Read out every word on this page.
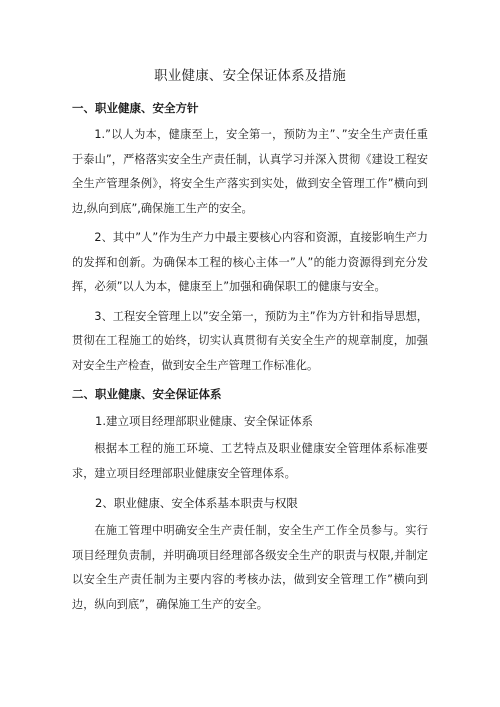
职业健康、安全保证体系及措施
一、职业健康、安全方针

1.”以人为本，健康至上，安全第一，预防为主”、”安全生产责任重于泰山”，严格落实安全生产责任制，认真学习并深入贯彻《建设工程安全生产管理条例》，将安全生产落实到实处，做到安全管理工作”横向到边,纵向到底”,确保施工生产的安全。

2、其中”人”作为生产力中最主要核心内容和资源，直接影响生产力的发挥和创新。为确保本工程的核心主体一”人”的能力资源得到充分发挥，必须”以人为本，健康至上”加强和确保职工的健康与安全。

3、工程安全管理上以”安全第一，预防为主”作为方针和指导思想，贯彻在工程施工的始终，切实认真贯彻有关安全生产的规章制度，加强对安全生产检查，做到安全生产管理工作标准化。

二、职业健康、安全保证体系

1.建立项目经理部职业健康、安全保证体系

根据本工程的施工环境、工艺特点及职业健康安全管理体系标准要求，建立项目经理部职业健康安全管理体系。

2、职业健康、安全体系基本职责与权限

在施工管理中明确安全生产责任制，安全生产工作全员参与。实行项目经理负责制，并明确项目经理部各级安全生产的职责与权限,并制定以安全生产责任制为主要内容的考核办法，做到安全管理工作”横向到边，纵向到底”，确保施工生产的安全。
